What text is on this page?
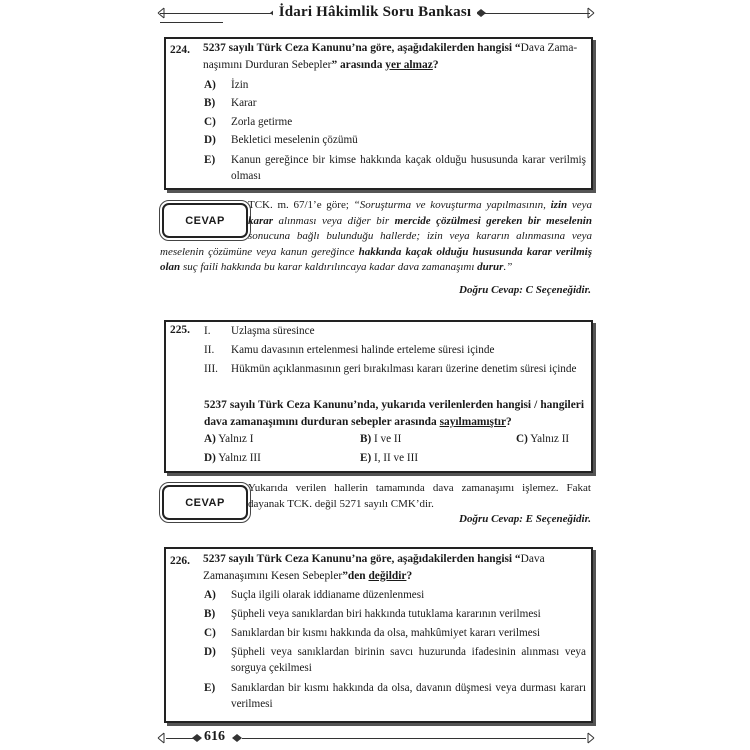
İdari Hâkimlik Soru Bankası
224. 5237 sayılı Türk Ceza Kanunu’na göre, aşağıdakilerden hangisi “Dava Zama-
naşımını Durduran Sebepler” arasında yer almaz?
A) İzin
B) Karar
C) Zorla getirme
D) Bekletici meselenin çözümü
E) Kanun gereğince bir kimse hakkında kaçak olduğu hususunda karar verilmiş olması
CEVAP
TCK. m. 67/1’e göre; “Soruşturma ve kovuşturma yapılmasının, izin veya karar alınması veya diğer bir mercide çözülmesi gereken bir meselenin sonucuna bağlı bulunduğu hallerde; izin veya kararın alınmasına veya meselenin çözümüne veya kanun gereğince hakkında kaçak olduğu hususunda karar verilmiş olan suç faili hakkında bu karar kaldırılıncaya kadar dava zamanaşımı durur.”
Doğru Cevap: C Seçeneğidir.
225. I. Uzlaşma süresince
II. Kamu davasının ertelenmesi halinde erteleme süresi içinde
III. Hükmün açıklanmasının geri bırakılması kararı üzerine denetim süresi içinde
5237 sayılı Türk Ceza Kanunu’nda, yukarıda verilenlerden hangisi / hangileri dava zamanaşımını durduran sebepler arasında sayılmamıştır?
A) Yalnız I	B) I ve II	C) Yalnız II
D) Yalnız III	E) I, II ve III
CEVAP
Yukarıda verilen hallerin tamamında dava zamanaşımı işlemez. Fakat dayanak TCK. değil 5271 sayılı CMK’dir.
Doğru Cevap: E Seçeneğidir.
226. 5237 sayılı Türk Ceza Kanunu’na göre, aşağıdakilerden hangisi “Dava Zamanaşımını Kesen Sebepler”den değildir?
A) Suçla ilgili olarak iddianame düzenlenmesi
B) Şüpheli veya sanıklardan biri hakkında tutuklama kararının verilmesi
C) Sanıklardan bir kısmı hakkında da olsa, mahkûmiyet kararı verilmesi
D) Şüpheli veya sanıklardan birinin savcı huzurunda ifadesinin alınması veya sorguya çekilmesi
E) Sanıklardan bir kısmı hakkında da olsa, davanın düşmesi veya durması kararı verilmesi
616
